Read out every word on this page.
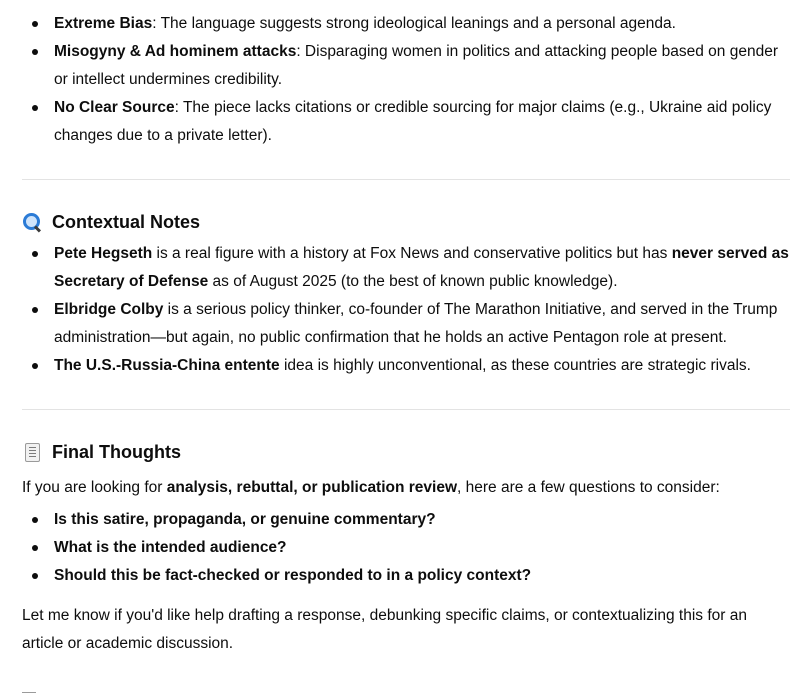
Extreme Bias: The language suggests strong ideological leanings and a personal agenda.
Misogyny & Ad hominem attacks: Disparaging women in politics and attacking people based on gender or intellect undermines credibility.
No Clear Source: The piece lacks citations or credible sourcing for major claims (e.g., Ukraine aid policy changes due to a private letter).
Contextual Notes
Pete Hegseth is a real figure with a history at Fox News and conservative politics but has never served as Secretary of Defense as of August 2025 (to the best of known public knowledge).
Elbridge Colby is a serious policy thinker, co-founder of The Marathon Initiative, and served in the Trump administration—but again, no public confirmation that he holds an active Pentagon role at present.
The U.S.-Russia-China entente idea is highly unconventional, as these countries are strategic rivals.
Final Thoughts

If you are looking for analysis, rebuttal, or publication review, here are a few questions to consider:

Is this satire, propaganda, or genuine commentary?
What is the intended audience?
Should this be fact-checked or responded to in a policy context?

Let me know if you'd like help drafting a response, debunking specific claims, or contextualizing this for an article or academic discussion.
